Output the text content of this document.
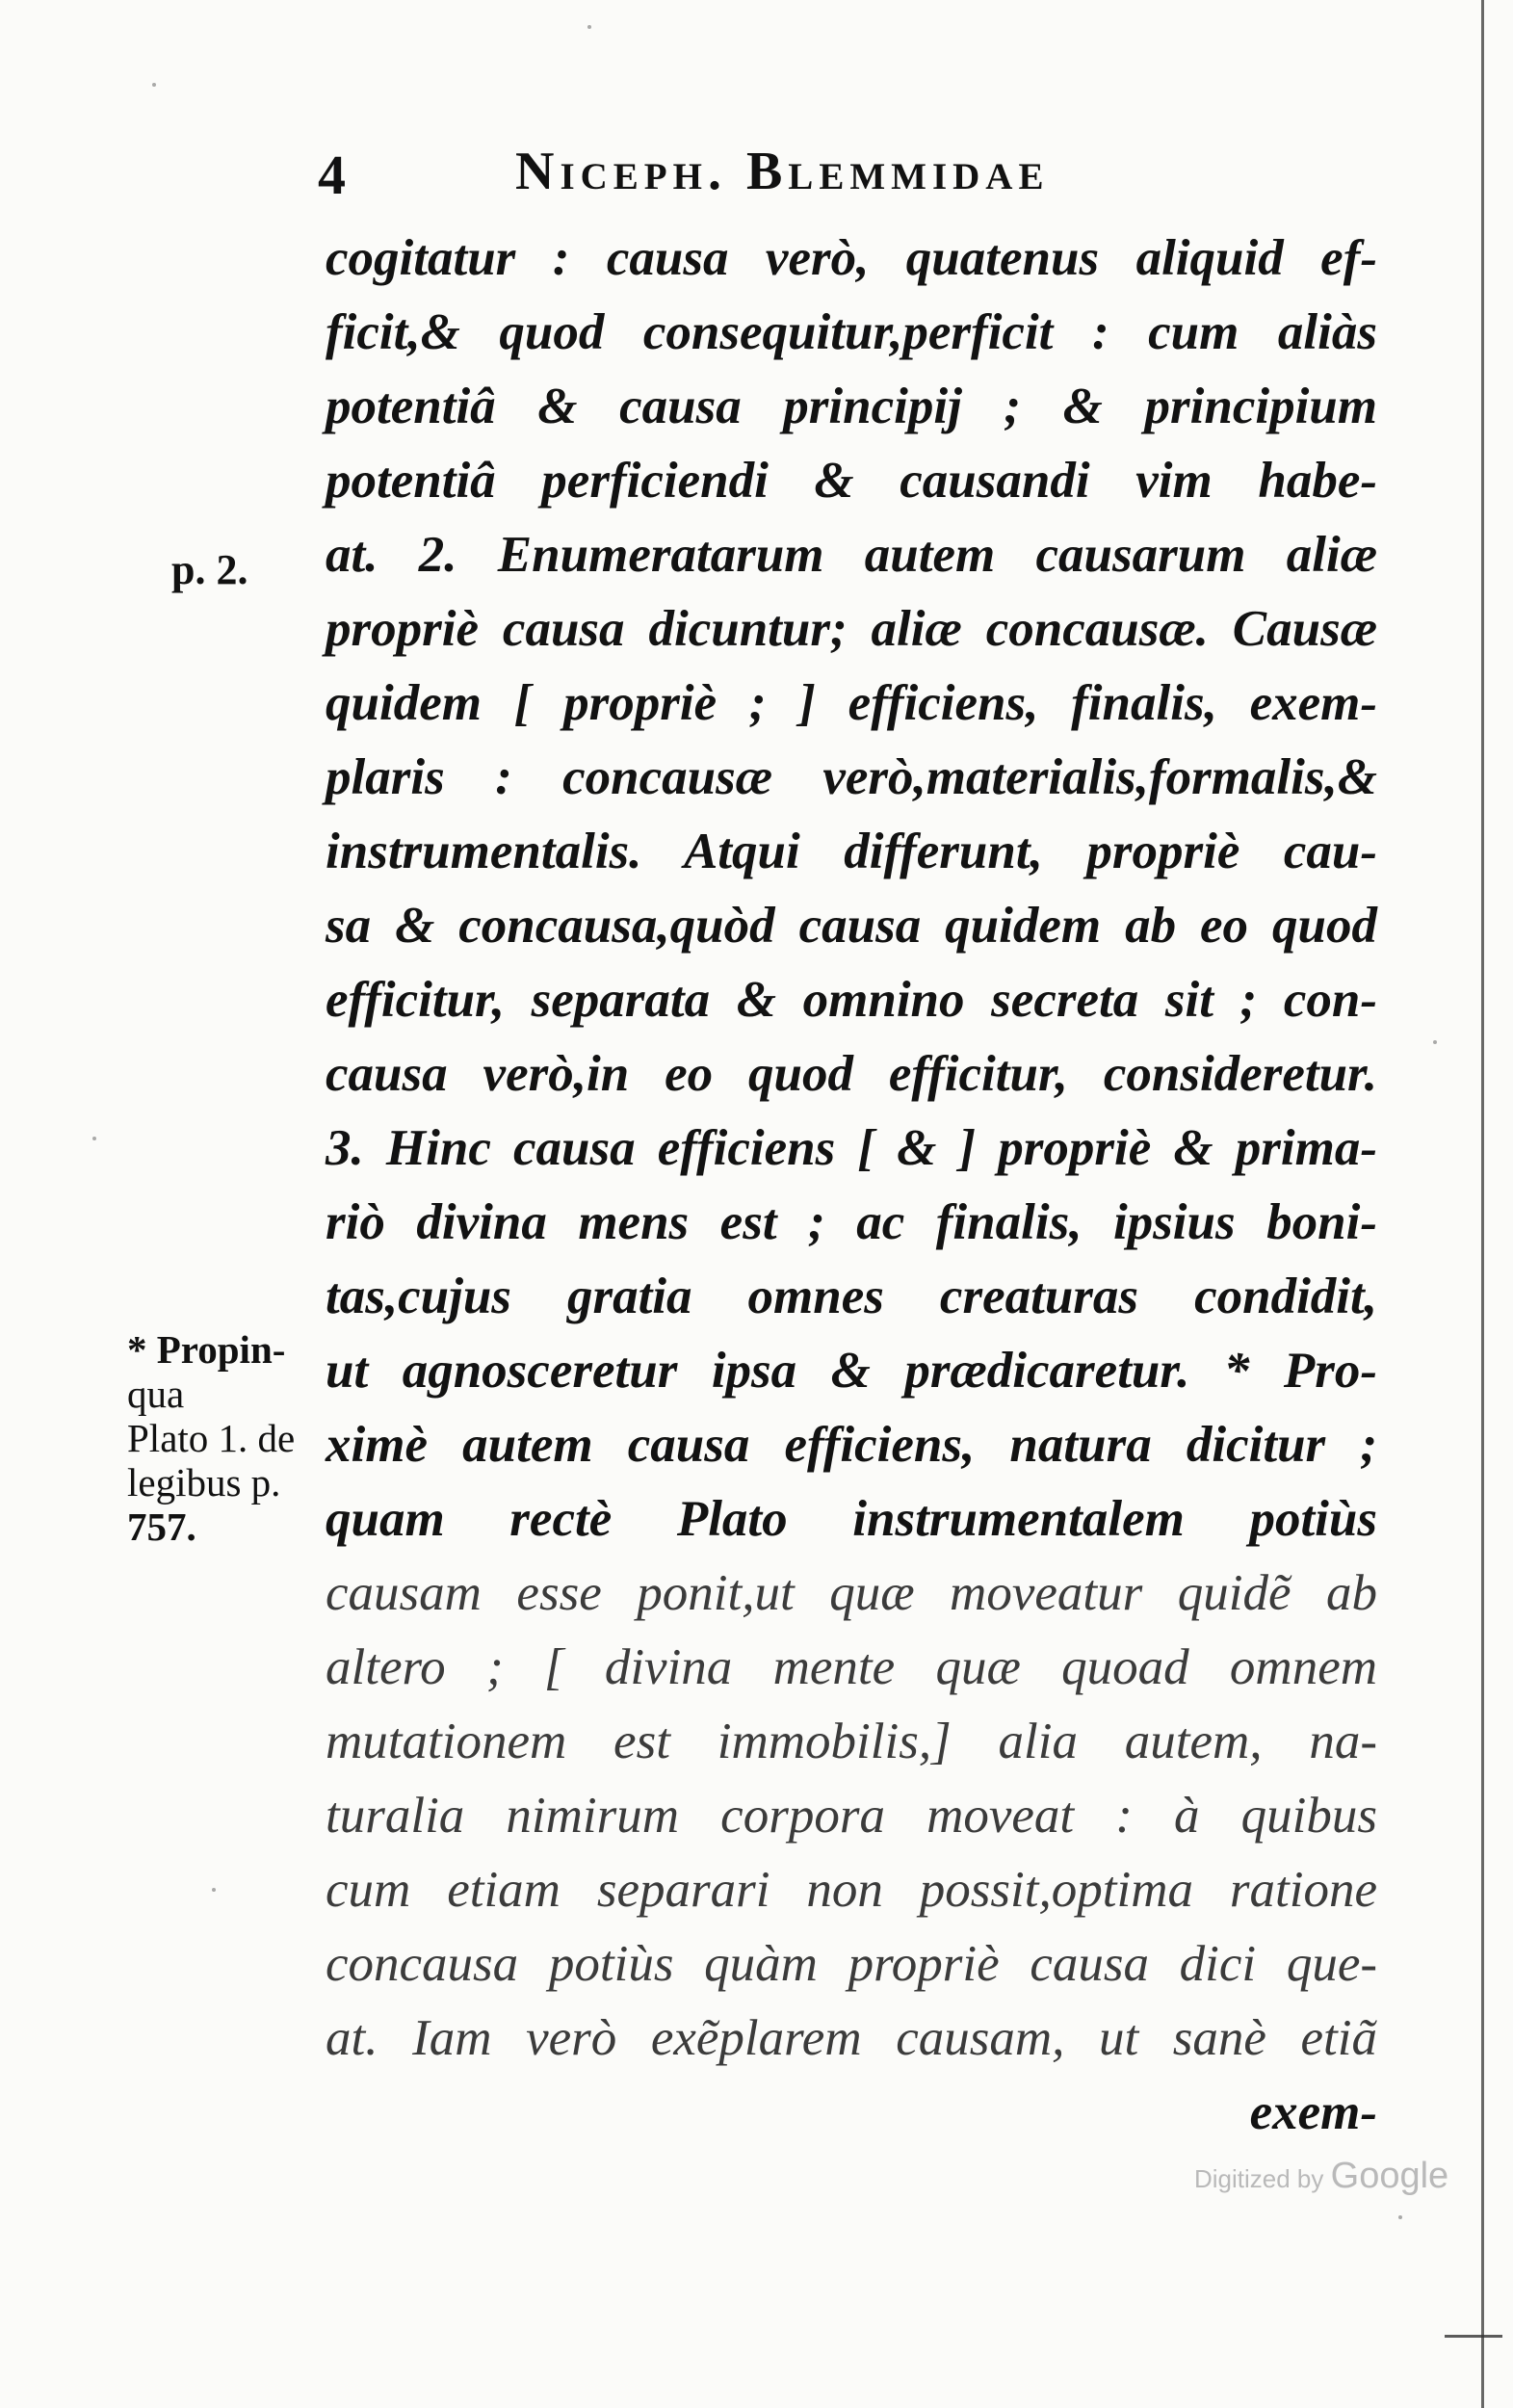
4	Niceph. Blemmidae
p. 2.
* Propin-
qua
Plato 1. de
legibus p.
757.
cogitatur : causa verò, quatenus aliquid ef-
ficit,& quod consequitur,perficit : cum aliàs
potentiâ & causa principij ; & principium
potentiâ perficiendi & causandi vim habe-
at. 2. Enumeratarum autem causarum aliæ
propriè causa dicuntur; aliæ concausæ. Causæ
quidem [ propriè ; ] efficiens, finalis, exem-
plaris : concausæ verò,materialis,formalis,&
instrumentalis. Atqui differunt, propriè cau-
sa & concausa,quòd causa quidem ab eo quod
efficitur, separata & omnino secreta sit ; con-
causa verò,in eo quod efficitur, consideretur.
3. Hinc causa efficiens [ & ] propriè & prima-
riò divina mens est ; ac finalis, ipsius boni-
tas,cujus gratia omnes creaturas condidit,
ut agnosceretur ipsa & prædicaretur. * Pro-
ximè autem causa efficiens, natura dicitur ;
quam rectè Plato instrumentalem potiùs
causam esse ponit,ut quæ moveatur quidẽ ab
altero ; [ divina mente quæ quoad omnem
mutationem est immobilis,] alia autem, na-
turalia nimirum corpora moveat : à quibus
cum etiam separari non possit,optima ratione
concausa potiùs quàm propriè causa dici que-
at. Iam verò exẽplarem causam, ut sanè etiã
exem-
Digitized by Google
